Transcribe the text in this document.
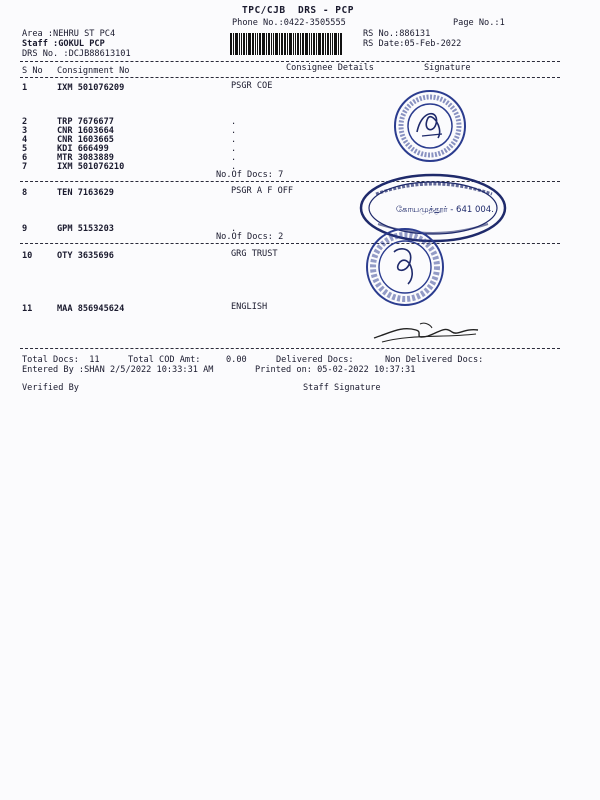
TPC/CJB  DRS - PCP
Phone No.:0422-3505555	Page No.:1
Area :NEHRU ST PC4
Staff :GOKUL PCP
DRS No. :DCJB88613101
RS No.:886131
RS Date:05-Feb-2022
S No Consignment No	Consignee Details	Signature
1	IXM 501076209	PSGR COE
2	TRP 7676677	.
3	CNR 1603664	.
4	CNR 1603665	.
5	KDI 666499	.
6	MTR 3083889	.
7	IXM 501076210	.
No.Of Docs: 7
8	TEN 7163629	PSGR A F OFF
9	GPM 5153203	.
No.Of Docs: 2
10	OTY 3635696	GRG TRUST
11	MAA 856945624	ENGLISH
Total Docs:  11	Total COD Amt:	0.00	Delivered Docs:	Non Delivered Docs:
Entered By :SHAN 2/5/2022 10:33:31 AM	Printed on: 05-02-2022 10:37:31
Verified By	Staff Signature
கோயமுத்தூர் - 641 004.
